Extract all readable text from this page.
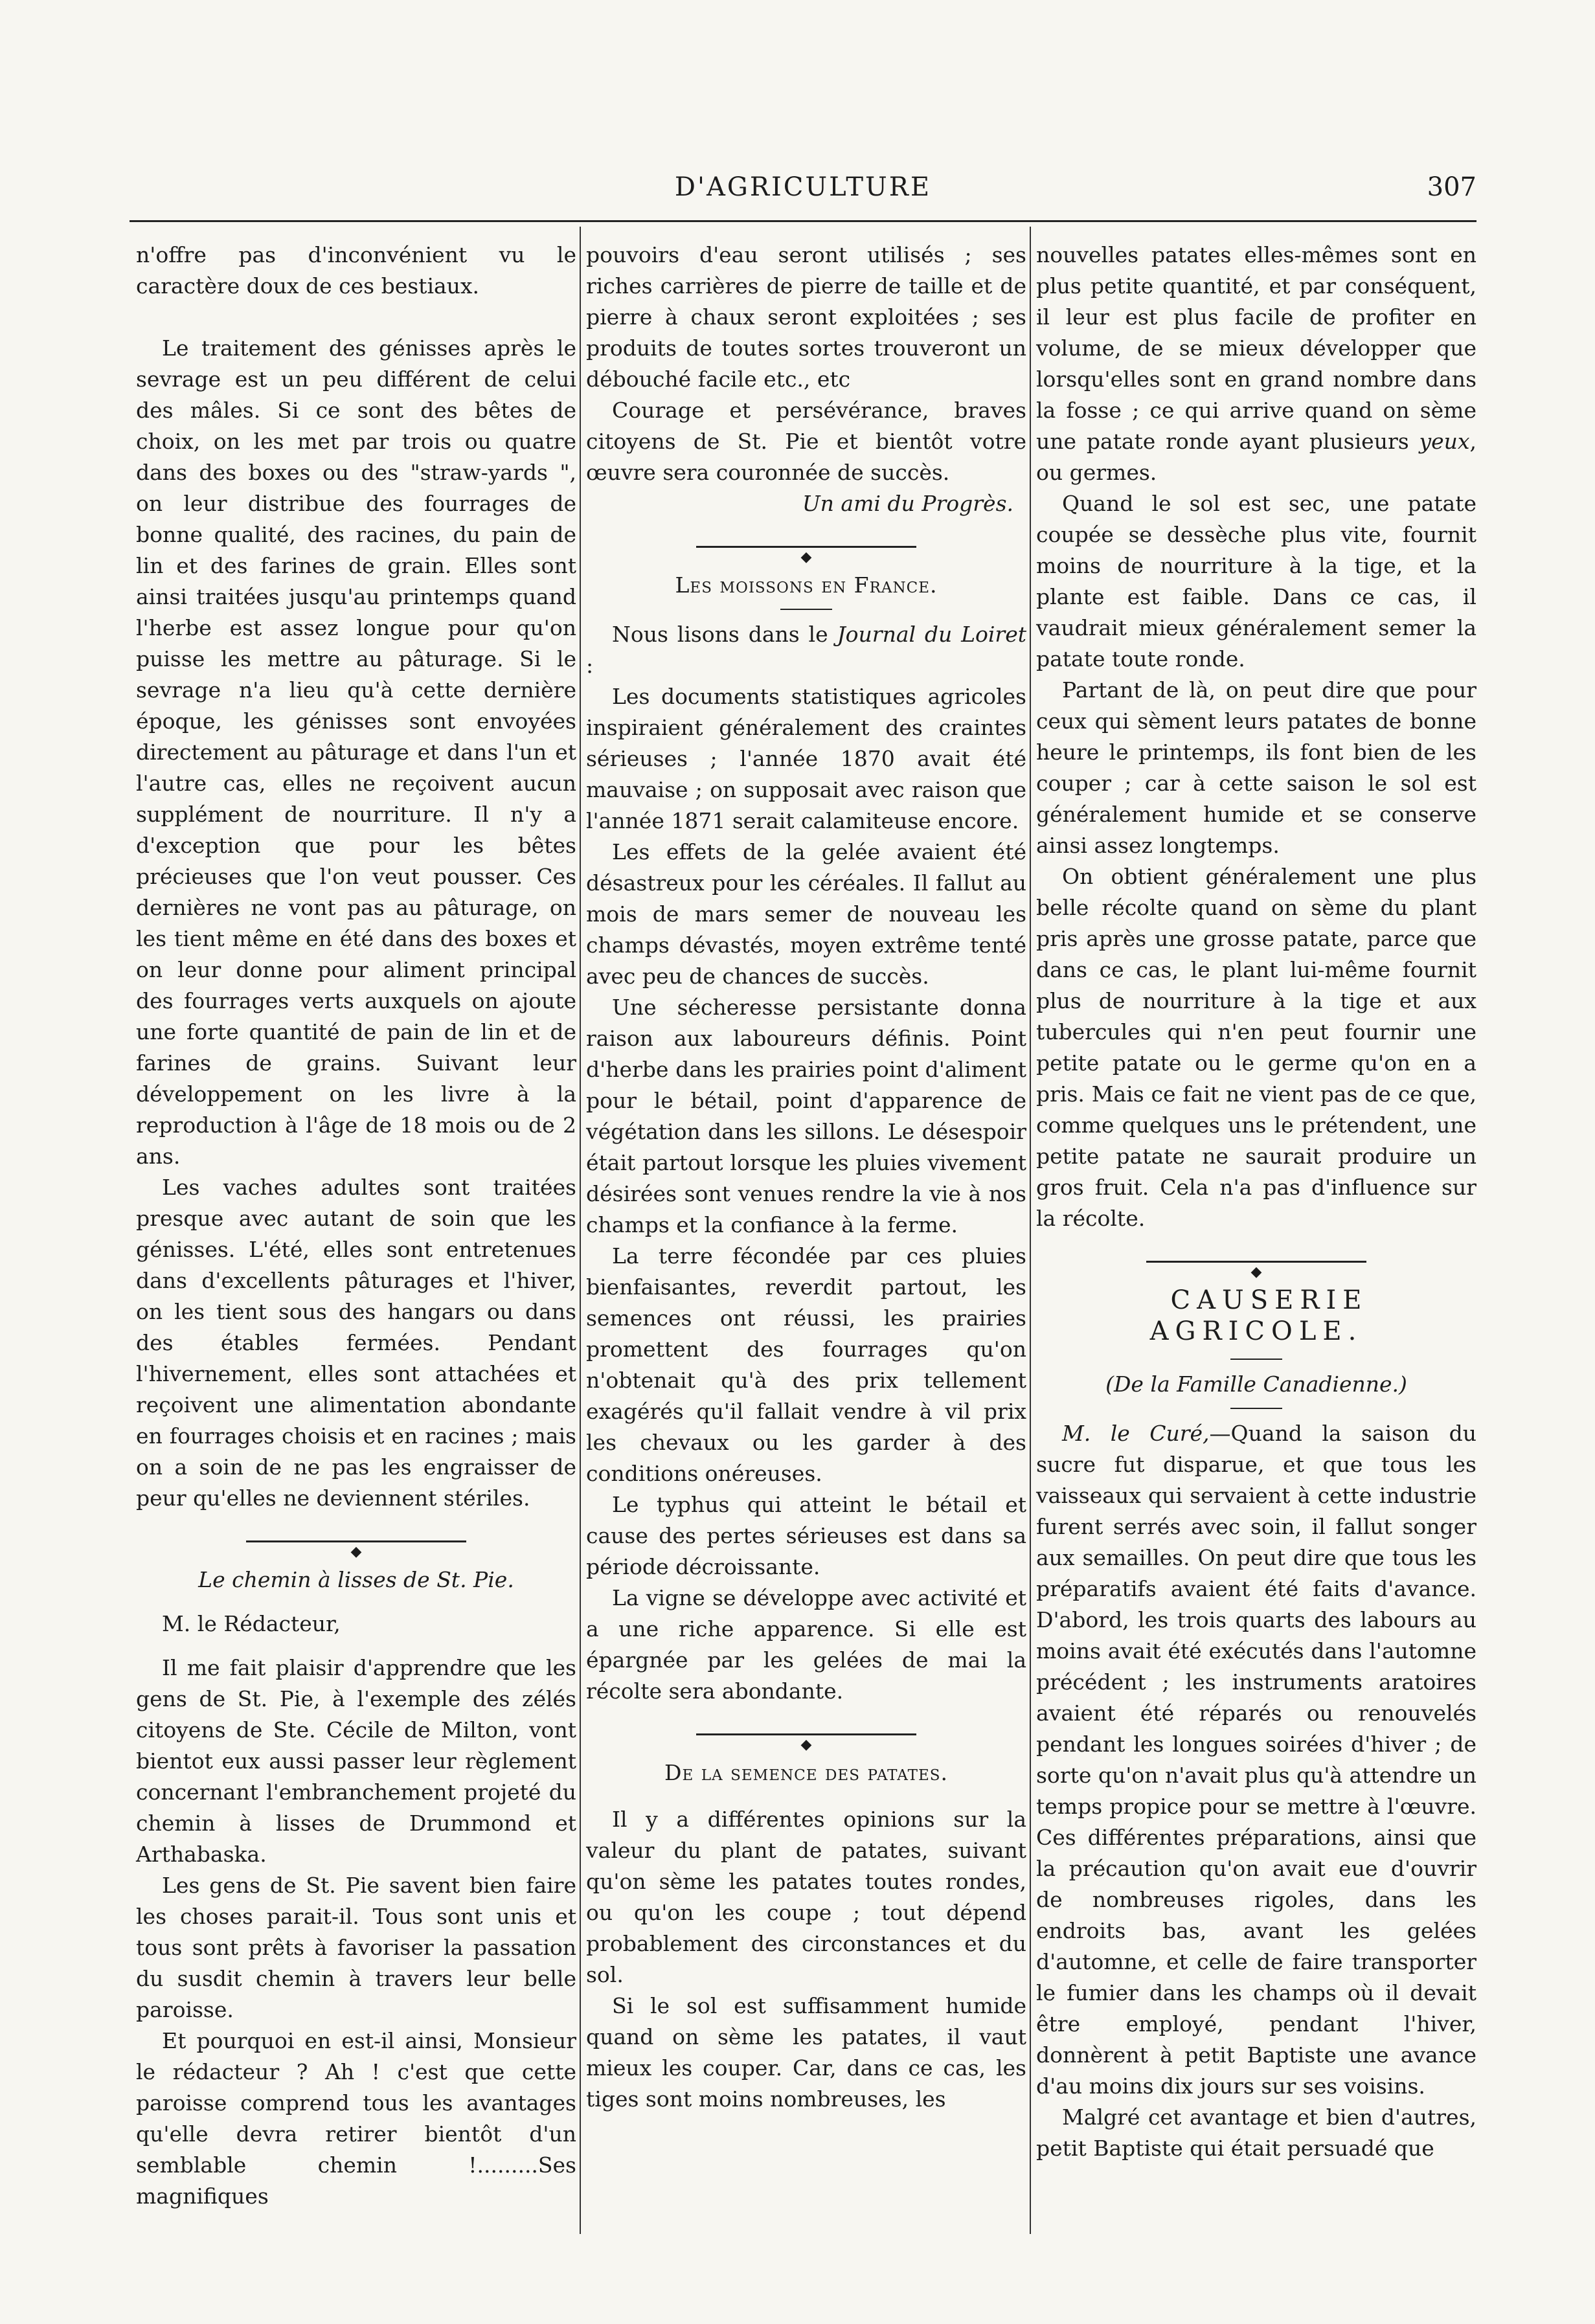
D'AGRICULTURE	307

n'offre pas d'inconvénient vu le caractère doux de ces bestiaux.

Le traitement des génisses après le sevrage est un peu différent de celui des mâles. Si ce sont des bêtes de choix, on les met par trois ou quatre dans des boxes ou des "straw-yards ", on leur distribue des fourrages de bonne qualité, des racines, du pain de lin et des farines de grain. Elles sont ainsi traitées jusqu'au printemps quand l'herbe est assez longue pour qu'on puisse les mettre au pâturage. Si le sevrage n'a lieu qu'à cette dernière époque, les génisses sont envoyées directement au pâturage et dans l'un et l'autre cas, elles ne reçoivent aucun supplément de nourriture. Il n'y a d'exception que pour les bêtes précieuses que l'on veut pousser. Ces dernières ne vont pas au pâturage, on les tient même en été dans des boxes et on leur donne pour aliment principal des fourrages verts auxquels on ajoute une forte quantité de pain de lin et de farines de grains. Suivant leur développement on les livre à la reproduction à l'âge de 18 mois ou de 2 ans.

Les vaches adultes sont traitées presque avec autant de soin que les génisses. L'été, elles sont entretenues dans d'excellents pâturages et l'hiver, on les tient sous des hangars ou dans des étables fermées. Pendant l'hivernement, elles sont attachées et reçoivent une alimentation abondante en fourrages choisis et en racines ; mais on a soin de ne pas les engraisser de peur qu'elles ne deviennent stériles.

◆

Le chemin à lisses de St. Pie.

M. le Rédacteur,

Il me fait plaisir d'apprendre que les gens de St. Pie, à l'exemple des zélés citoyens de Ste. Cécile de Milton, vont bientot eux aussi passer leur règlement concernant l'embranchement projeté du chemin à lisses de Drummond et Arthabaska.

Les gens de St. Pie savent bien faire les choses parait-il. Tous sont unis et tous sont prêts à favoriser la passation du susdit chemin à travers leur belle paroisse.

Et pourquoi en est-il ainsi, Monsieur le rédacteur ? Ah ! c'est que cette paroisse comprend tous les avantages qu'elle devra retirer bientôt d'un semblable chemin !.........Ses magnifiques

pouvoirs d'eau seront utilisés ; ses riches carrières de pierre de taille et de pierre à chaux seront exploitées ; ses produits de toutes sortes trouveront un débouché facile etc., etc

Courage et persévérance, braves citoyens de St. Pie et bientôt votre œuvre sera couronnée de succès.

Un ami du Progrès.

◆

Les moissons en France.

Nous lisons dans le Journal du Loiret :

Les documents statistiques agricoles inspiraient généralement des craintes sérieuses ; l'année 1870 avait été mauvaise ; on supposait avec raison que l'année 1871 serait calamiteuse encore.

Les effets de la gelée avaient été désastreux pour les céréales. Il fallut au mois de mars semer de nouveau les champs dévastés, moyen extrême tenté avec peu de chances de succès.

Une sécheresse persistante donna raison aux laboureurs définis. Point d'herbe dans les prairies point d'aliment pour le bétail, point d'apparence de végétation dans les sillons. Le désespoir était partout lorsque les pluies vivement désirées sont venues rendre la vie à nos champs et la confiance à la ferme.

La terre fécondée par ces pluies bienfaisantes, reverdit partout, les semences ont réussi, les prairies promettent des fourrages qu'on n'obtenait qu'à des prix tellement exagérés qu'il fallait vendre à vil prix les chevaux ou les garder à des conditions onéreuses.

Le typhus qui atteint le bétail et cause des pertes sérieuses est dans sa période décroissante.

La vigne se développe avec activité et a une riche apparence. Si elle est épargnée par les gelées de mai la récolte sera abondante.

◆

De la semence des patates.

Il y a différentes opinions sur la valeur du plant de patates, suivant qu'on sème les patates toutes rondes, ou qu'on les coupe ; tout dépend probablement des circonstances et du sol.

Si le sol est suffisamment humide quand on sème les patates, il vaut mieux les couper. Car, dans ce cas, les tiges sont moins nombreuses, les

nouvelles patates elles-mêmes sont en plus petite quantité, et par conséquent, il leur est plus facile de profiter en volume, de se mieux développer que lorsqu'elles sont en grand nombre dans la fosse ; ce qui arrive quand on sème une patate ronde ayant plusieurs yeux, ou germes.

Quand le sol est sec, une patate coupée se dessèche plus vite, fournit moins de nourriture à la tige, et la plante est faible. Dans ce cas, il vaudrait mieux généralement semer la patate toute ronde.

Partant de là, on peut dire que pour ceux qui sèment leurs patates de bonne heure le printemps, ils font bien de les couper ; car à cette saison le sol est généralement humide et se conserve ainsi assez longtemps.

On obtient généralement une plus belle récolte quand on sème du plant pris après une grosse patate, parce que dans ce cas, le plant lui-même fournit plus de nourriture à la tige et aux tubercules qui n'en peut fournir une petite patate ou le germe qu'on en a pris. Mais ce fait ne vient pas de ce que, comme quelques uns le prétendent, une petite patate ne saurait produire un gros fruit. Cela n'a pas d'influence sur la récolte.

◆

CAUSERIE AGRICOLE.

(De la Famille Canadienne.)

M. le Curé,—Quand la saison du sucre fut disparue, et que tous les vaisseaux qui servaient à cette industrie furent serrés avec soin, il fallut songer aux semailles. On peut dire que tous les préparatifs avaient été faits d'avance. D'abord, les trois quarts des labours au moins avait été exécutés dans l'automne précédent ; les instruments aratoires avaient été réparés ou renouvelés pendant les longues soirées d'hiver ; de sorte qu'on n'avait plus qu'à attendre un temps propice pour se mettre à l'œuvre. Ces différentes préparations, ainsi que la précaution qu'on avait eue d'ouvrir de nombreuses rigoles, dans les endroits bas, avant les gelées d'automne, et celle de faire transporter le fumier dans les champs où il devait être employé, pendant l'hiver, donnèrent à petit Baptiste une avance d'au moins dix jours sur ses voisins.

Malgré cet avantage et bien d'autres, petit Baptiste qui était persuadé que
